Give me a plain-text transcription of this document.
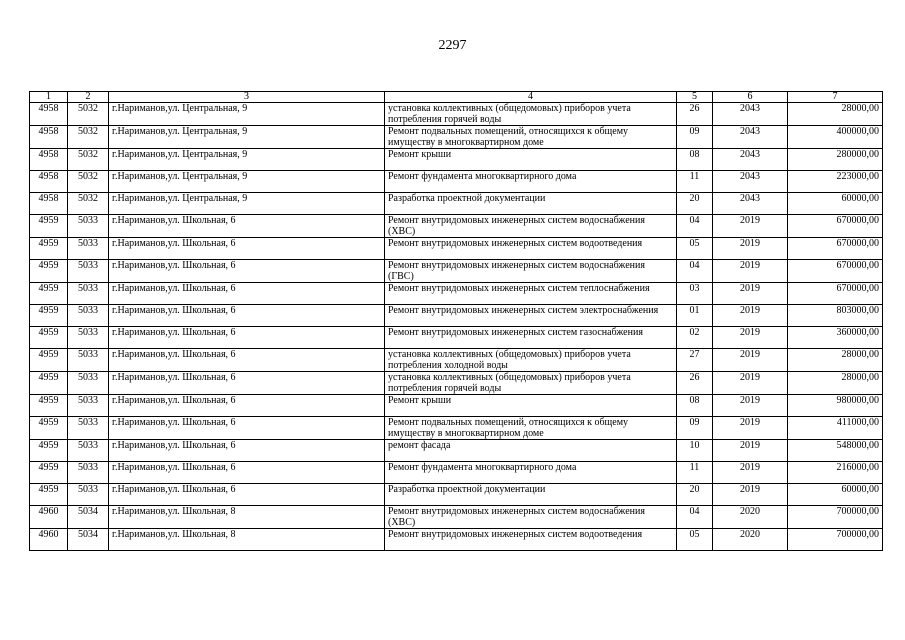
2297
1	2	3	4	5	6	7
4958	5032	г.Нариманов,ул. Центральная, 9	установка коллективных (общедомовых) приборов учета потребления горячей воды	26	2043	28000,00
4958	5032	г.Нариманов,ул. Центральная, 9	Ремонт подвальных помещений, относящихся к общему имуществу в многоквартирном доме	09	2043	400000,00
4958	5032	г.Нариманов,ул. Центральная, 9	Ремонт крыши	08	2043	280000,00
4958	5032	г.Нариманов,ул. Центральная, 9	Ремонт фундамента многоквартирного дома	11	2043	223000,00
4958	5032	г.Нариманов,ул. Центральная, 9	Разработка проектной документации	20	2043	60000,00
4959	5033	г.Нариманов,ул. Школьная, 6	Ремонт внутридомовых инженерных систем водоснабжения (ХВС)	04	2019	670000,00
4959	5033	г.Нариманов,ул. Школьная, 6	Ремонт внутридомовых инженерных систем водоотведения	05	2019	670000,00
4959	5033	г.Нариманов,ул. Школьная, 6	Ремонт внутридомовых инженерных систем водоснабжения (ГВС)	04	2019	670000,00
4959	5033	г.Нариманов,ул. Школьная, 6	Ремонт внутридомовых инженерных систем теплоснабжения	03	2019	670000,00
4959	5033	г.Нариманов,ул. Школьная, 6	Ремонт внутридомовых инженерных систем электроснабжения	01	2019	803000,00
4959	5033	г.Нариманов,ул. Школьная, 6	Ремонт внутридомовых инженерных систем газоснабжения	02	2019	360000,00
4959	5033	г.Нариманов,ул. Школьная, 6	установка коллективных (общедомовых) приборов учета потребления холодной воды	27	2019	28000,00
4959	5033	г.Нариманов,ул. Школьная, 6	установка коллективных (общедомовых) приборов учета потребления горячей воды	26	2019	28000,00
4959	5033	г.Нариманов,ул. Школьная, 6	Ремонт крыши	08	2019	980000,00
4959	5033	г.Нариманов,ул. Школьная, 6	Ремонт подвальных помещений, относящихся к общему имуществу в многоквартирном доме	09	2019	411000,00
4959	5033	г.Нариманов,ул. Школьная, 6	ремонт фасада	10	2019	548000,00
4959	5033	г.Нариманов,ул. Школьная, 6	Ремонт фундамента многоквартирного дома	11	2019	216000,00
4959	5033	г.Нариманов,ул. Школьная, 6	Разработка проектной документации	20	2019	60000,00
4960	5034	г.Нариманов,ул. Школьная, 8	Ремонт внутридомовых инженерных систем водоснабжения (ХВС)	04	2020	700000,00
4960	5034	г.Нариманов,ул. Школьная, 8	Ремонт внутридомовых инженерных систем водоотведения	05	2020	700000,00
